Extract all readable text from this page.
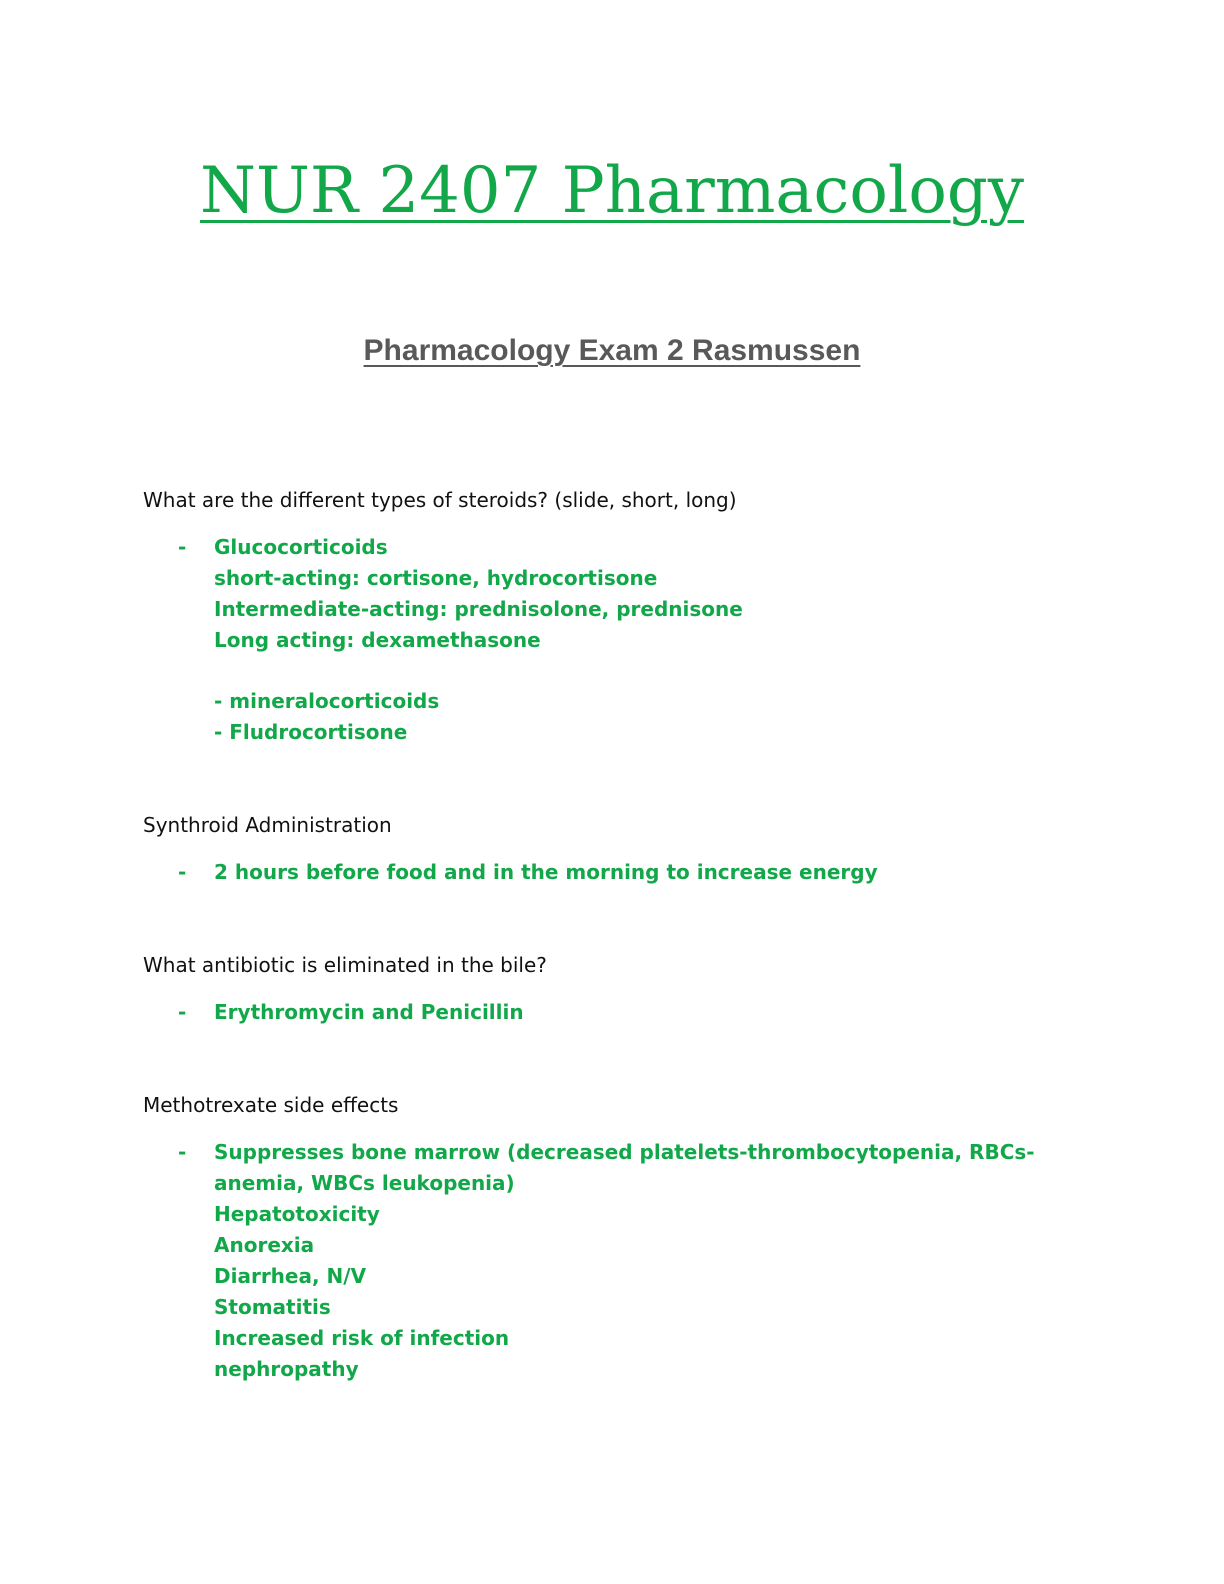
NUR 2407 Pharmacology
Pharmacology Exam 2 Rasmussen

What are the different types of steroids? (slide, short, long)

-	Glucocorticoids
short-acting: cortisone, hydrocortisone
Intermediate-acting: prednisolone, prednisone
Long acting: dexamethasone
- mineralocorticoids
- Fludrocortisone

Synthroid Administration

-	2 hours before food and in the morning to increase energy

What antibiotic is eliminated in the bile?

-	Erythromycin and Penicillin

Methotrexate side effects

-	Suppresses bone marrow (decreased platelets-thrombocytopenia, RBCs-
anemia, WBCs leukopenia)
Hepatotoxicity
Anorexia
Diarrhea, N/V
Stomatitis
Increased risk of infection
nephropathy
